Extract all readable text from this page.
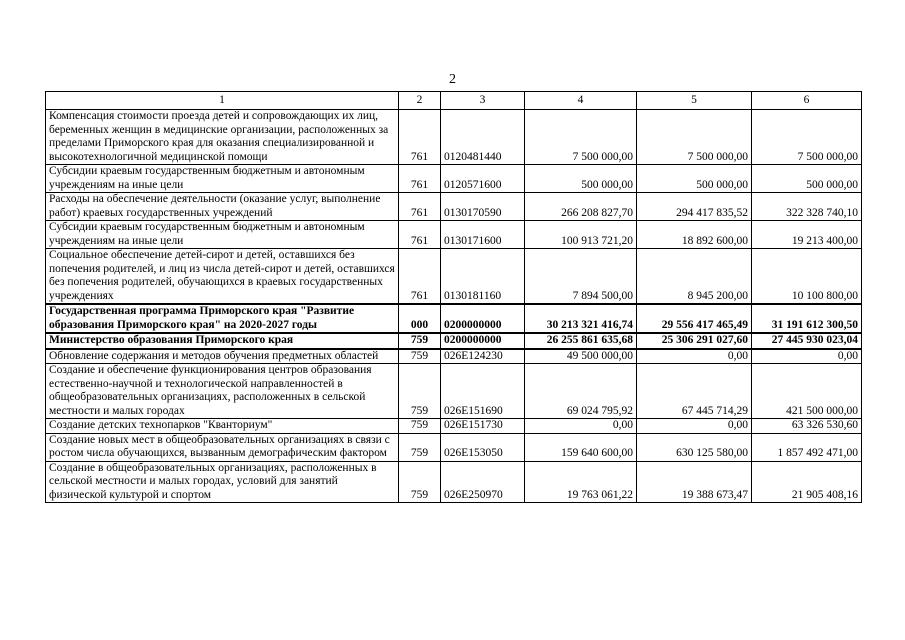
2
1	2	3	4	5	6
Компенсация стоимости проезда детей и сопровождающих их лиц, беременных женщин в медицинские организации, расположенных за пределами Приморского края для оказания специализированной и высокотехнологичной медицинской помощи	761	0120481440	7 500 000,00	7 500 000,00	7 500 000,00
Субсидии краевым государственным бюджетным и автономным учреждениям на иные цели	761	0120571600	500 000,00	500 000,00	500 000,00
Расходы на обеспечение деятельности (оказание услуг, выполнение работ) краевых государственных учреждений	761	0130170590	266 208 827,70	294 417 835,52	322 328 740,10
Субсидии краевым государственным бюджетным и автономным учреждениям на иные цели	761	0130171600	100 913 721,20	18 892 600,00	19 213 400,00
Социальное обеспечение детей-сирот и детей, оставшихся без попечения родителей, и лиц из числа детей-сирот и детей, оставшихся без попечения родителей, обучающихся в краевых государственных учреждениях	761	0130181160	7 894 500,00	8 945 200,00	10 100 800,00
Государственная программа Приморского края "Развитие образования Приморского края" на 2020-2027 годы	000	0200000000	30 213 321 416,74	29 556 417 465,49	31 191 612 300,50
Министерство образования Приморского края	759	0200000000	26 255 861 635,68	25 306 291 027,60	27 445 930 023,04
Обновление содержания и методов обучения предметных областей	759	026E124230	49 500 000,00	0,00	0,00
Создание и обеспечение функционирования центров образования естественно-научной и технологической направленностей в общеобразовательных организациях, расположенных в сельской местности и малых городах	759	026E151690	69 024 795,92	67 445 714,29	421 500 000,00
Создание детских технопарков "Кванториум"	759	026E151730	0,00	0,00	63 326 530,60
Создание новых мест в общеобразовательных организациях в связи с ростом числа обучающихся, вызванным демографическим фактором	759	026E153050	159 640 600,00	630 125 580,00	1 857 492 471,00
Создание в общеобразовательных организациях, расположенных в сельской местности и малых городах, условий для занятий физической культурой и спортом	759	026E250970	19 763 061,22	19 388 673,47	21 905 408,16
